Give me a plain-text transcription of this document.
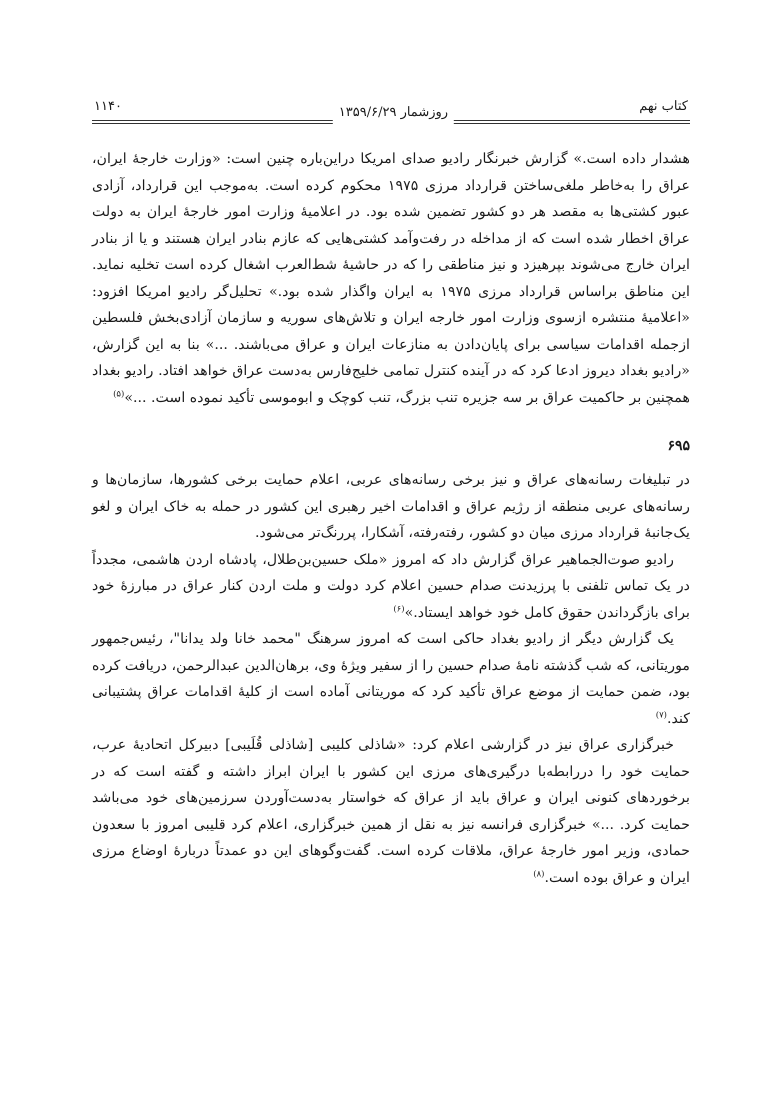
کتاب نهم
روزشمار ۱۳۵۹/۶/۲۹
۱۱۴۰

هشدار داده است.» گزارش خبرنگار رادیو صدای امریکا دراین‌باره چنین است: «وزارت خارجهٔ ایران، عراق را به‌خاطر ملغی‌ساختن قرارداد مرزی ۱۹۷۵ محکوم کرده است. به‌موجب این قرارداد، آزادی عبور کشتی‌ها به مقصد هر دو کشور تضمین شده بود. در اعلامیهٔ وزارت امور خارجهٔ ایران به دولت عراق اخطار شده است که از مداخله در رفت‌وآمد کشتی‌هایی که عازم بنادر ایران هستند و یا از بنادر ایران خارج می‌شوند بپرهیزد و نیز مناطقی را که در حاشیهٔ شط‌العرب اشغال کرده است تخلیه نماید. این مناطق براساس قرارداد مرزی ۱۹۷۵ به ایران واگذار شده بود.» تحلیل‌گر رادیو امریکا افزود: «اعلامیهٔ منتشره ازسوی وزارت امور خارجه ایران و تلاش‌های سوریه و سازمان آزادی‌بخش فلسطین ازجمله اقدامات سیاسی برای پایان‌دادن به منازعات ایران و عراق می‌باشند. ...» بنا به این گزارش، «رادیو بغداد دیروز ادعا کرد که در آینده کنترل تمامی خلیج‌فارس به‌دست عراق خواهد افتاد. رادیو بغداد همچنین بر حاکمیت عراق بر سه جزیره تنب بزرگ، تنب کوچک و ابوموسی تأکید نموده است. ...»$^{(۵)}$

۶۹۵

در تبلیغات رسانه‌های عراق و نیز برخی رسانه‌های عربی، اعلام حمایت برخی کشورها، سازمان‌ها و رسانه‌های عربی منطقه از رژیم عراق و اقدامات اخیر رهبری این کشور در حمله به خاک ایران و لغو یک‌جانبهٔ قرارداد مرزی میان دو کشور، رفته‌رفته، آشکارا، پررنگ‌تر می‌شود.

رادیو صوت‌الجماهیر عراق گزارش داد که امروز «ملک حسین‌بن‌طلال، پادشاه اردن هاشمی، مجدداً در یک تماس تلفنی با پرزیدنت صدام حسین اعلام کرد دولت و ملت اردن کنار عراق در مبارزهٔ خود برای بازگرداندن حقوق کامل خود خواهد ایستاد.»$^{(۶)}$

یک گزارش دیگر از رادیو بغداد حاکی است که امروز سرهنگ "محمد خانا ولد یدانا"، رئیس‌جمهور موریتانی، که شب گذشته نامهٔ صدام حسین را از سفیر ویژهٔ وی، برهان‌الدین عبدالرحمن، دریافت کرده بود، ضمن حمایت از موضع عراق تأکید کرد که موریتانی آماده است از کلیهٔ اقدامات عراق پشتیبانی کند.$^{(۷)}$

خبرگزاری عراق نیز در گزارشی اعلام کرد: «شاذلی کلیبی [شاذلی قُلَیبی] دبیرکل اتحادیهٔ عرب، حمایت خود را دررابطه‌با درگیری‌های مرزی این کشور با ایران ابراز داشته و گفته است که در برخوردهای کنونی ایران و عراق باید از عراق که خواستار به‌دست‌آوردن سرزمین‌های خود می‌باشد حمایت کرد. ...» خبرگزاری فرانسه نیز به نقل از همین خبرگزاری، اعلام کرد قلیبی امروز با سعدون حمادی، وزیر امور خارجهٔ عراق، ملاقات کرده است. گفت‌وگوهای این دو عمدتاً دربارهٔ اوضاع مرزی ایران و عراق بوده است.$^{(۸)}$
